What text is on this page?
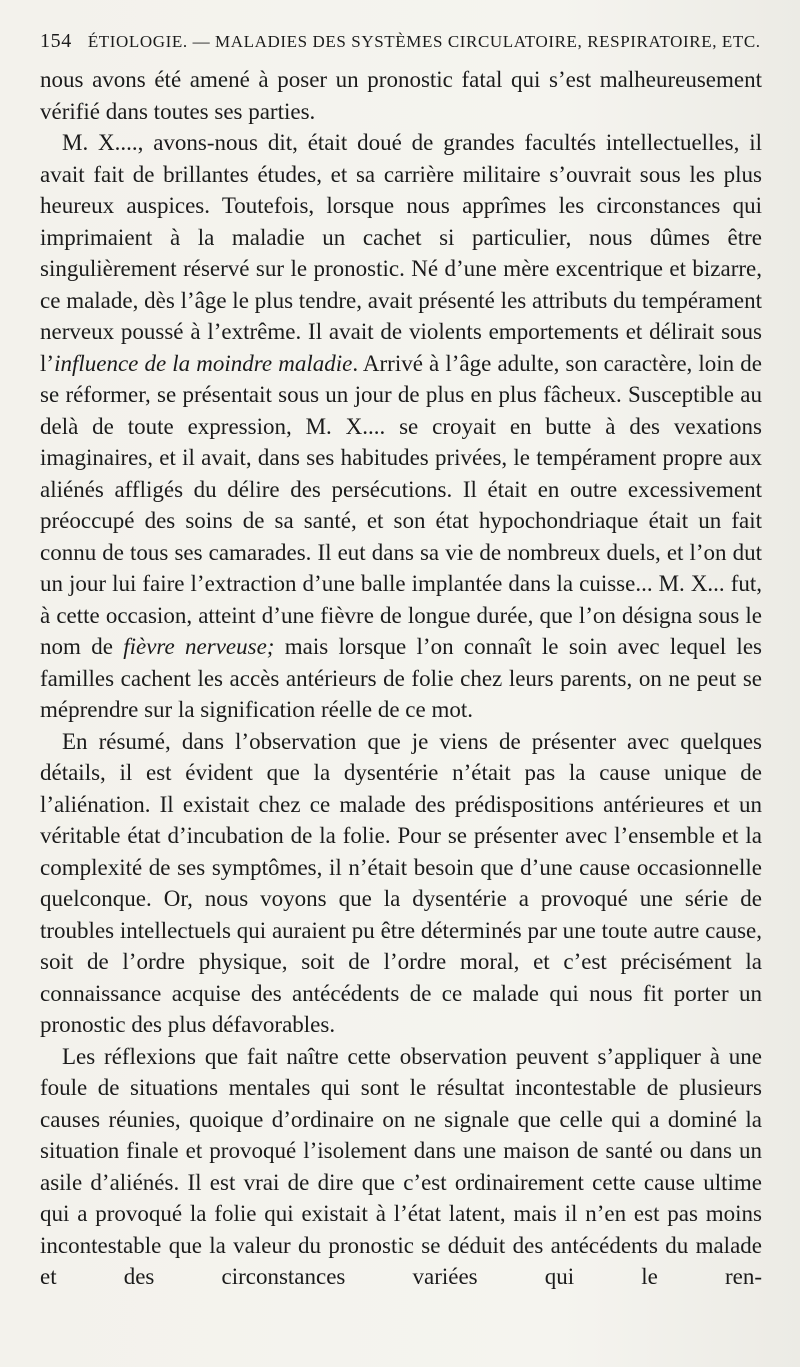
154 ÉTIOLOGIE. — MALADIES DES SYSTÈMES CIRCULATOIRE, RESPIRATOIRE, ETC.

nous avons été amené à poser un pronostic fatal qui s’est malheureusement vérifié dans toutes ses parties.

M. X...., avons-nous dit, était doué de grandes facultés intellectuelles, il avait fait de brillantes études, et sa carrière militaire s’ouvrait sous les plus heureux auspices. Toutefois, lorsque nous apprîmes les circonstances qui imprimaient à la maladie un cachet si particulier, nous dûmes être singulièrement réservé sur le pronostic. Né d’une mère excentrique et bizarre, ce malade, dès l’âge le plus tendre, avait présenté les attributs du tempérament nerveux poussé à l’extrême. Il avait de violents emportements et délirait sous l’influence de la moindre maladie. Arrivé à l’âge adulte, son caractère, loin de se réformer, se présentait sous un jour de plus en plus fâcheux. Susceptible au delà de toute expression, M. X.... se croyait en butte à des vexations imaginaires, et il avait, dans ses habitudes privées, le tempérament propre aux aliénés affligés du délire des persécutions. Il était en outre excessivement préoccupé des soins de sa santé, et son état hypochondriaque était un fait connu de tous ses camarades. Il eut dans sa vie de nombreux duels, et l’on dut un jour lui faire l’extraction d’une balle implantée dans la cuisse... M. X... fut, à cette occasion, atteint d’une fièvre de longue durée, que l’on désigna sous le nom de fièvre nerveuse; mais lorsque l’on connaît le soin avec lequel les familles cachent les accès antérieurs de folie chez leurs parents, on ne peut se méprendre sur la signification réelle de ce mot.

En résumé, dans l’observation que je viens de présenter avec quelques détails, il est évident que la dysentérie n’était pas la cause unique de l’aliénation. Il existait chez ce malade des prédispositions antérieures et un véritable état d’incubation de la folie. Pour se présenter avec l’ensemble et la complexité de ses symptômes, il n’était besoin que d’une cause occasionnelle quelconque. Or, nous voyons que la dysentérie a provoqué une série de troubles intellectuels qui auraient pu être déterminés par une toute autre cause, soit de l’ordre physique, soit de l’ordre moral, et c’est précisément la connaissance acquise des antécédents de ce malade qui nous fit porter un pronostic des plus défavorables.

Les réflexions que fait naître cette observation peuvent s’appliquer à une foule de situations mentales qui sont le résultat incontestable de plusieurs causes réunies, quoique d’ordinaire on ne signale que celle qui a dominé la situation finale et provoqué l’isolement dans une maison de santé ou dans un asile d’aliénés. Il est vrai de dire que c’est ordinairement cette cause ultime qui a provoqué la folie qui existait à l’état latent, mais il n’en est pas moins incontestable que la valeur du pronostic se déduit des antécédents du malade et des circonstances variées qui le ren-
